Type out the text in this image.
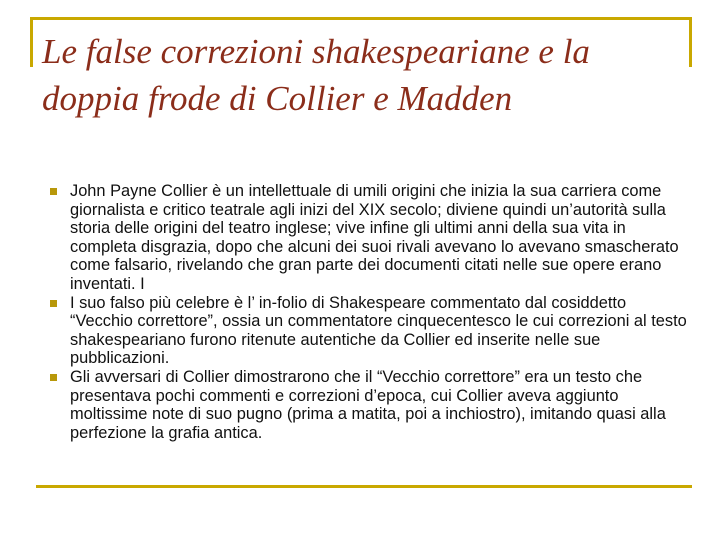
Le false correzioni shakespeariane e la doppia frode di Collier e Madden
John Payne Collier è un intellettuale di umili origini che inizia la sua carriera come giornalista e critico teatrale agli inizi del XIX secolo; diviene quindi un’autorità sulla storia delle origini del teatro inglese; vive infine gli ultimi anni della sua vita in completa disgrazia, dopo che alcuni dei suoi rivali avevano lo avevano smascherato come falsario, rivelando che gran parte dei documenti citati nelle sue opere erano inventati. I
I suo falso più celebre è l’ in-folio di Shakespeare commentato dal cosiddetto “Vecchio correttore”, ossia un commentatore cinquecentesco le cui correzioni al testo shakespeariano furono ritenute autentiche da Collier ed inserite nelle sue pubblicazioni.
Gli avversari di Collier dimostrarono che il “Vecchio correttore” era un testo che presentava pochi commenti e correzioni d’epoca, cui Collier aveva aggiunto moltissime note di suo pugno (prima a matita, poi a inchiostro), imitando quasi alla perfezione la grafia antica.
